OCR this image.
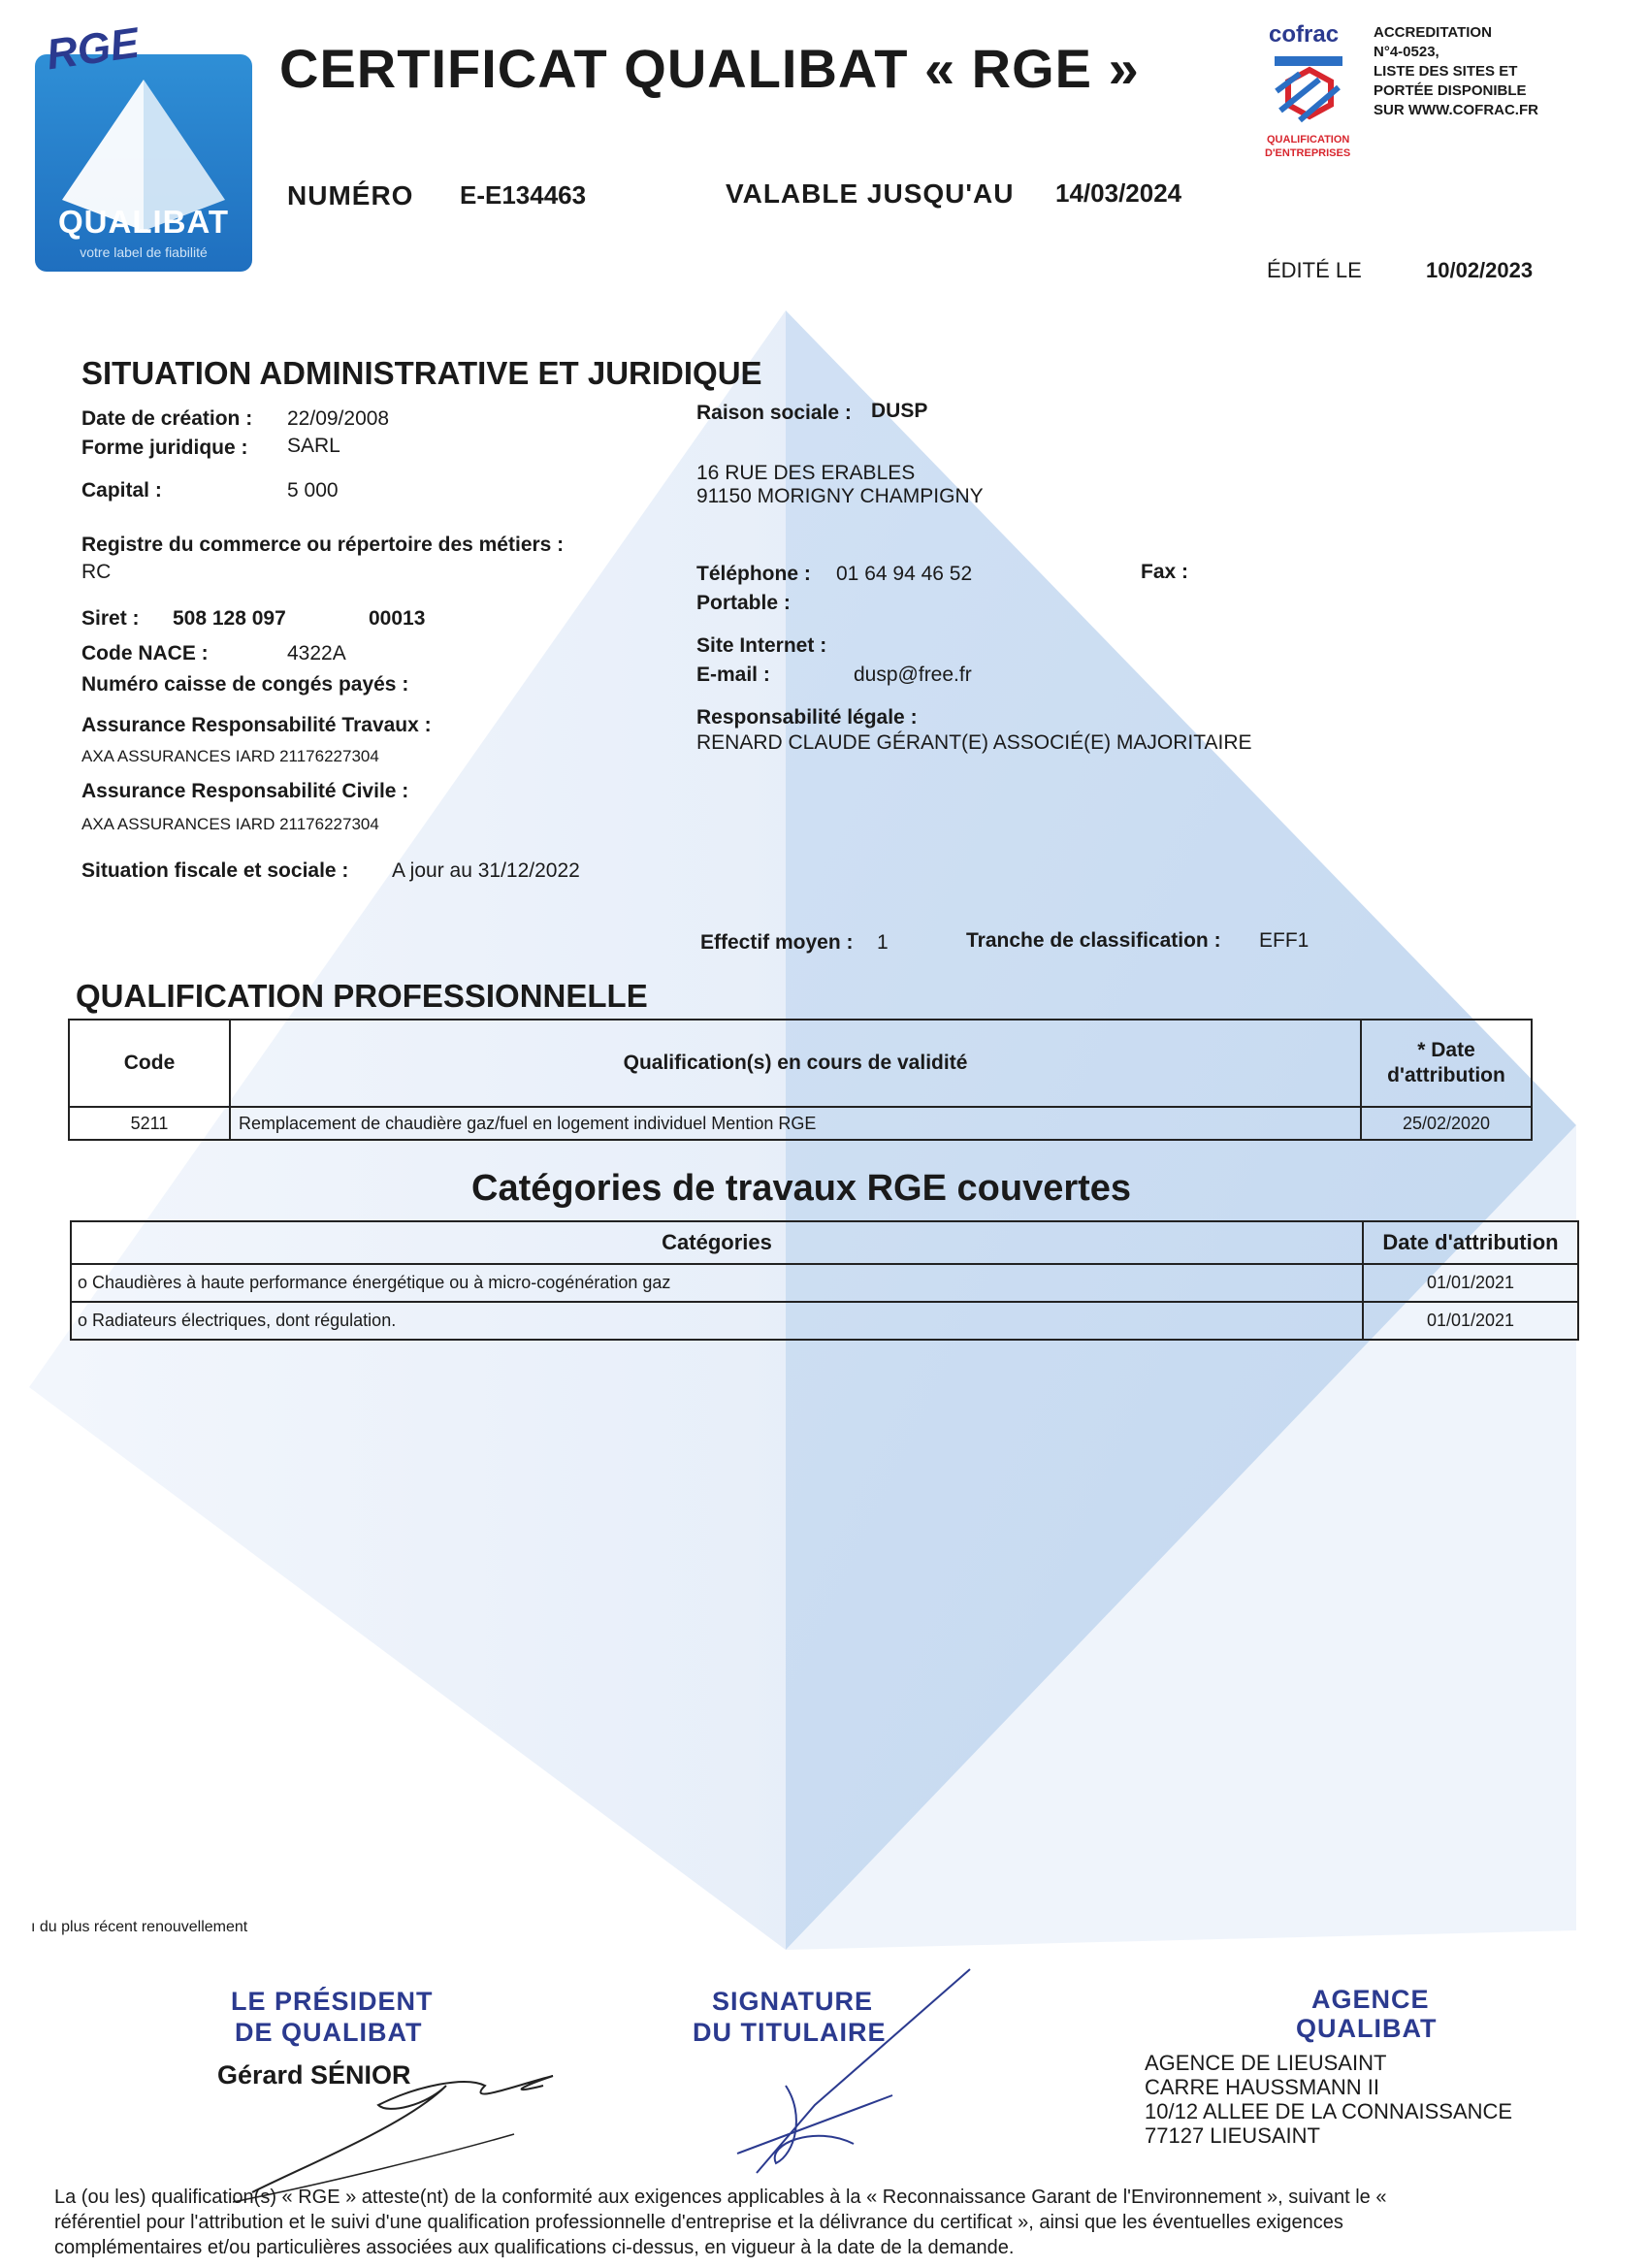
QUALIBAT
votre label de fiabilité
RGE	CERTIFICAT QUALIBAT « RGE »
cofrac
QUALIFICATION
D'ENTREPRISES
ACCREDITATION
N°4-0523,
LISTE DES SITES ET
PORTÉE DISPONIBLE
SUR WWW.COFRAC.FR
NUMÉRO E-E134463	VALABLE JUSQU'AU 14/03/2024
ÉDITÉ LE	10/02/2023
SITUATION ADMINISTRATIVE ET JURIDIQUE
Date de création : 22/09/2008
Forme juridique : SARL
Capital :	5 000
Registre du commerce ou répertoire des métiers :
RC
Siret : 508 128 097	00013
Code NACE :	4322A
Numéro caisse de congés payés :
Assurance Responsabilité Travaux :
AXA ASSURANCES IARD 21176227304
Assurance Responsabilité Civile :
AXA ASSURANCES IARD 21176227304
Situation fiscale et sociale : A jour au 31/12/2022
Raison sociale : DUSP
16 RUE DES ERABLES
91150 MORIGNY CHAMPIGNY
Téléphone : 01 64 94 46 52	Fax :
Portable :
Site Internet :
E-mail :	dusp@free.fr
Responsabilité légale :
RENARD CLAUDE GÉRANT(E) ASSOCIÉ(E) MAJORITAIRE
Effectif moyen : 1	Tranche de classification : EFF1
QUALIFICATION PROFESSIONNELLE
Code	Qualification(s) en cours de validité	* Date
d'attribution

5211	Remplacement de chaudière gaz/fuel en logement individuel Mention RGE	25/02/2020
Catégories de travaux RGE couvertes
Catégories	Date d'attribution
o Chaudières à haute performance énergétique ou à micro-cogénération gaz	01/01/2021
o Radiateurs électriques, dont régulation.	01/01/2021
ı du plus récent renouvellement
LE PRÉSIDENT
DE QUALIBAT
Gérard SÉNIOR
SIGNATURE
DU TITULAIRE
AGENCE
QUALIBAT
AGENCE DE LIEUSAINT
CARRE HAUSSMANN II
10/12 ALLEE DE LA CONNAISSANCE
77127 LIEUSAINT
La (ou les) qualification(s) « RGE » atteste(nt) de la conformité aux exigences applicables à la « Reconnaissance Garant de l'Environnement », suivant le «
référentiel pour l'attribution et le suivi d'une qualification professionnelle d'entreprise et la délivrance du certificat », ainsi que les éventuelles exigences
complémentaires et/ou particulières associées aux qualifications ci-dessus, en vigueur à la date de la demande.
